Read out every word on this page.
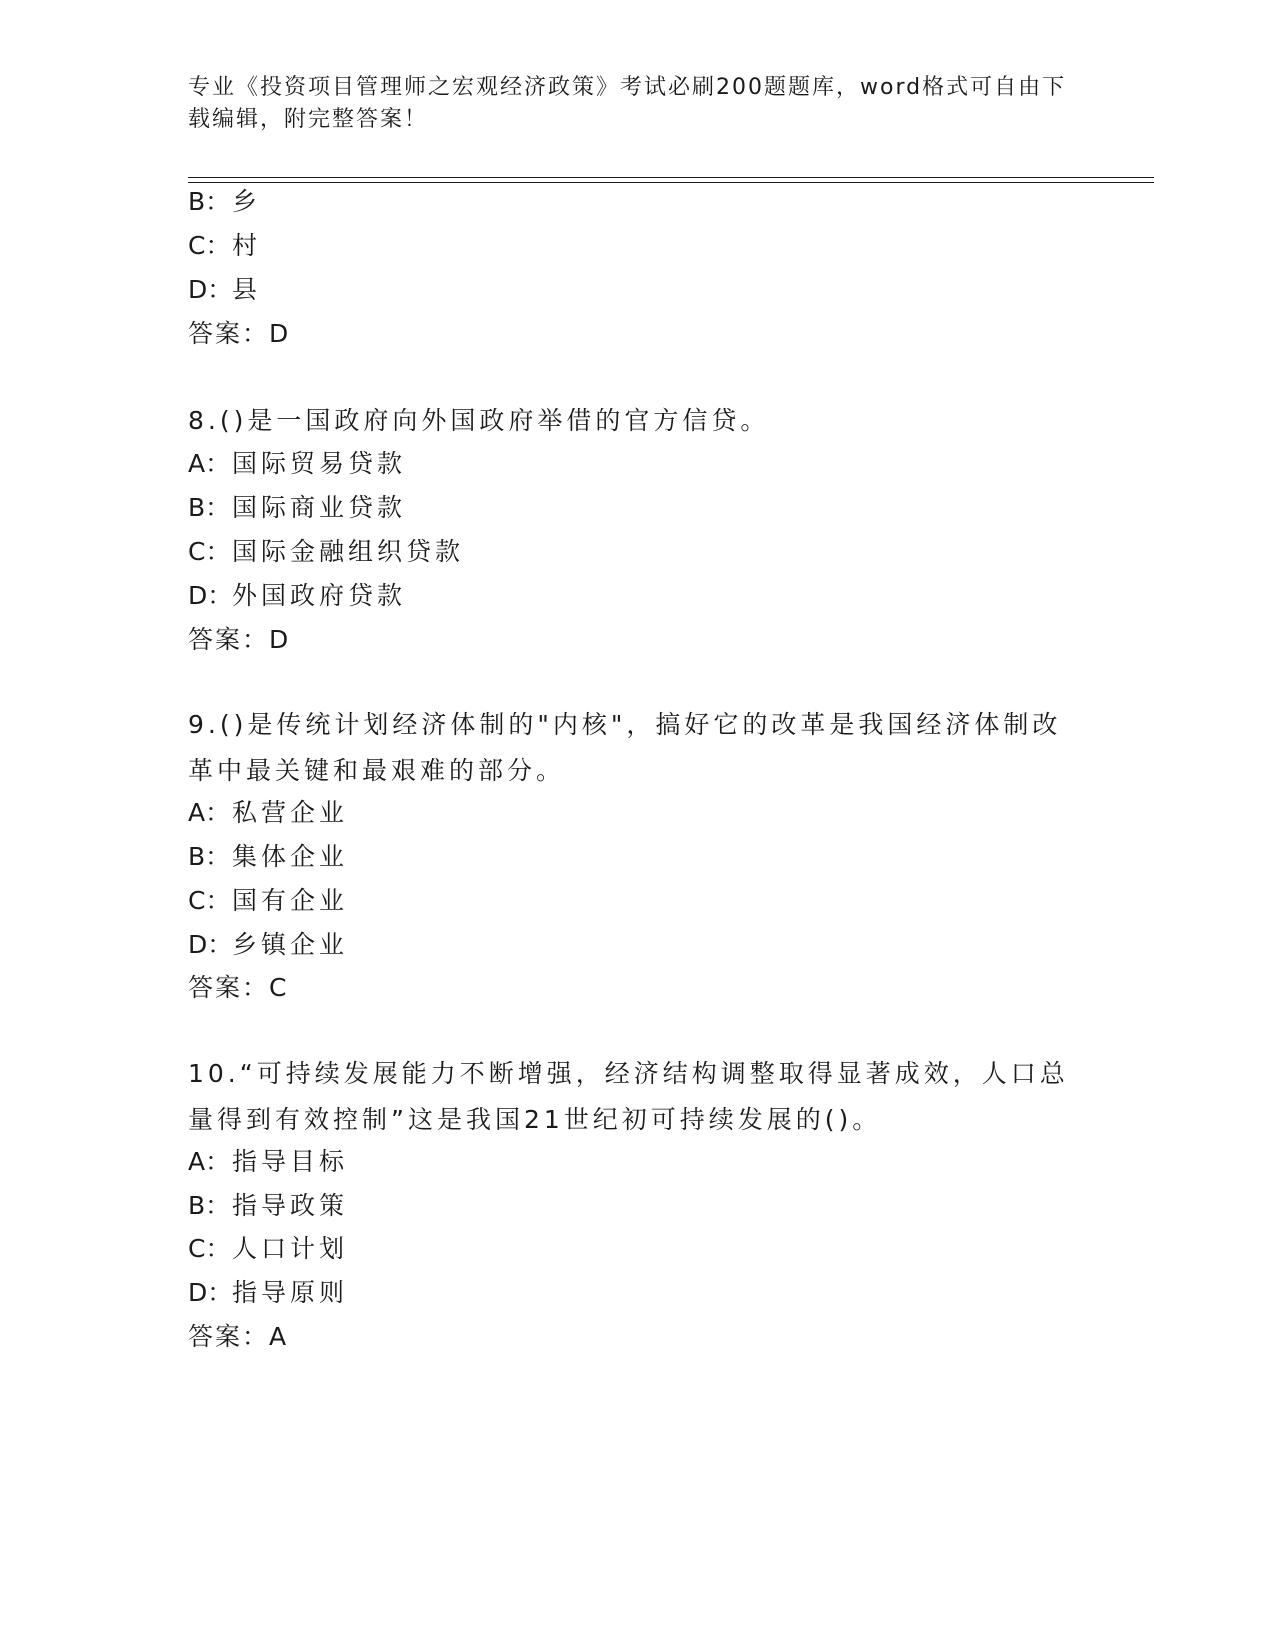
专业《投资项目管理师之宏观经济政策》考试必刷200题题库，word格式可自由下载编辑，附完整答案！
B：乡
C：村
D：县
答案：D
8.()是一国政府向外国政府举借的官方信贷。
A：国际贸易贷款
B：国际商业贷款
C：国际金融组织贷款
D：外国政府贷款
答案：D
9.()是传统计划经济体制的"内核"，搞好它的改革是我国经济体制改革中最关键和最艰难的部分。
A：私营企业
B：集体企业
C：国有企业
D：乡镇企业
答案：C
10.“可持续发展能力不断增强，经济结构调整取得显著成效，人口总量得到有效控制”这是我国21世纪初可持续发展的()。
A：指导目标
B：指导政策
C：人口计划
D：指导原则
答案：A
